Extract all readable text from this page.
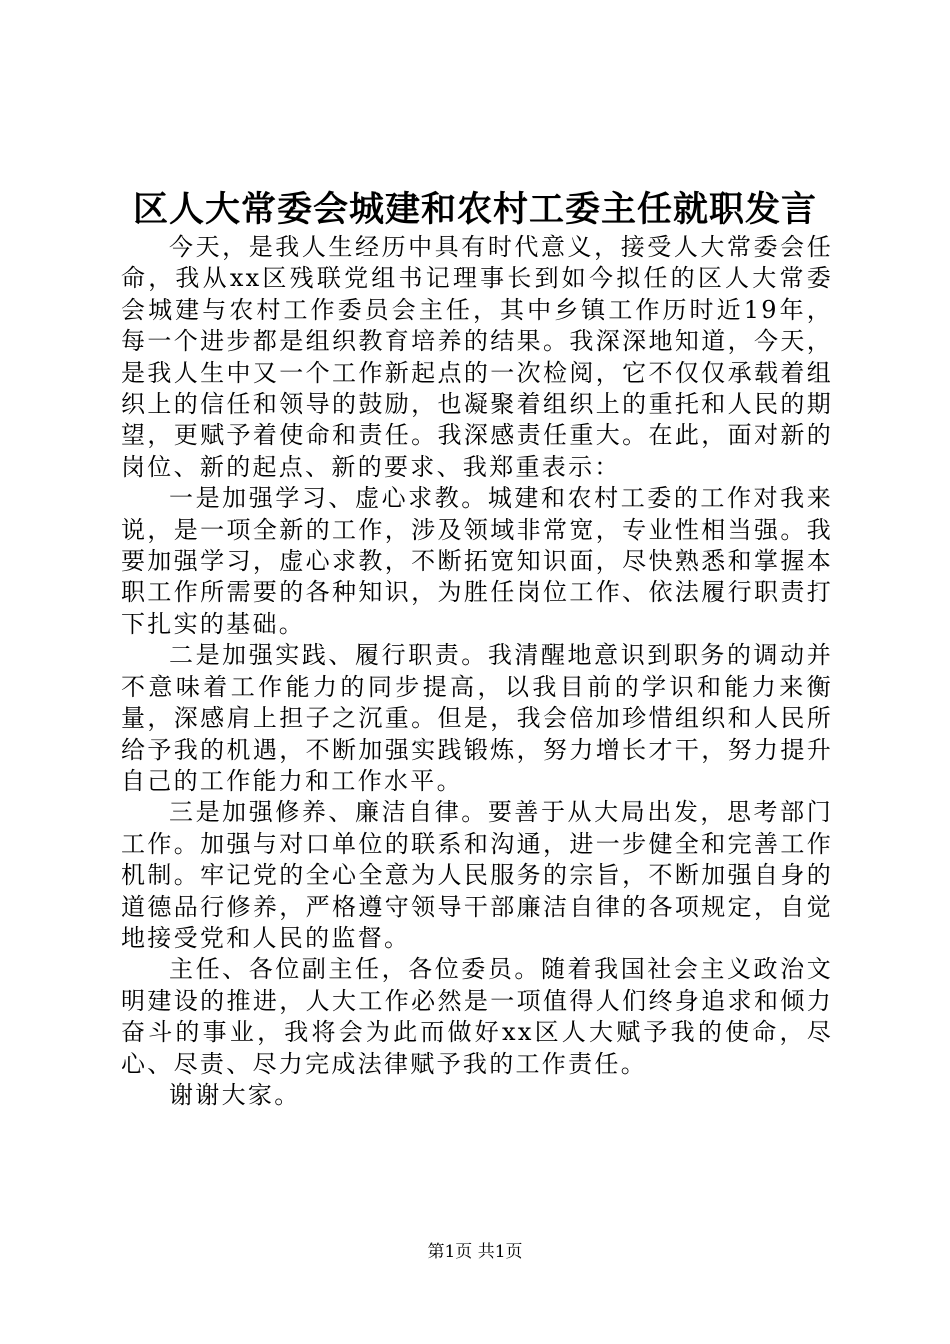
区人大常委会城建和农村工委主任就职发言

今天，是我人生经历中具有时代意义，接受人大常委会任命，我从xx区残联党组书记理事长到如今拟任的区人大常委会城建与农村工作委员会主任，其中乡镇工作历时近19年，每一个进步都是组织教育培养的结果。我深深地知道，今天，是我人生中又一个工作新起点的一次检阅，它不仅仅承载着组织上的信任和领导的鼓励，也凝聚着组织上的重托和人民的期望，更赋予着使命和责任。我深感责任重大。在此，面对新的岗位、新的起点、新的要求、我郑重表示：

一是加强学习、虚心求教。城建和农村工委的工作对我来说，是一项全新的工作，涉及领域非常宽，专业性相当强。我要加强学习，虚心求教，不断拓宽知识面，尽快熟悉和掌握本职工作所需要的各种知识，为胜任岗位工作、依法履行职责打下扎实的基础。

二是加强实践、履行职责。我清醒地意识到职务的调动并不意味着工作能力的同步提高，以我目前的学识和能力来衡量，深感肩上担子之沉重。但是，我会倍加珍惜组织和人民所给予我的机遇，不断加强实践锻炼，努力增长才干，努力提升自己的工作能力和工作水平。

三是加强修养、廉洁自律。要善于从大局出发，思考部门工作。加强与对口单位的联系和沟通，进一步健全和完善工作机制。牢记党的全心全意为人民服务的宗旨，不断加强自身的道德品行修养，严格遵守领导干部廉洁自律的各项规定，自觉地接受党和人民的监督。

主任、各位副主任，各位委员。随着我国社会主义政治文明建设的推进，人大工作必然是一项值得人们终身追求和倾力奋斗的事业，我将会为此而做好xx区人大赋予我的使命，尽心、尽责、尽力完成法律赋予我的工作责任。

谢谢大家。

第1页 共1页
